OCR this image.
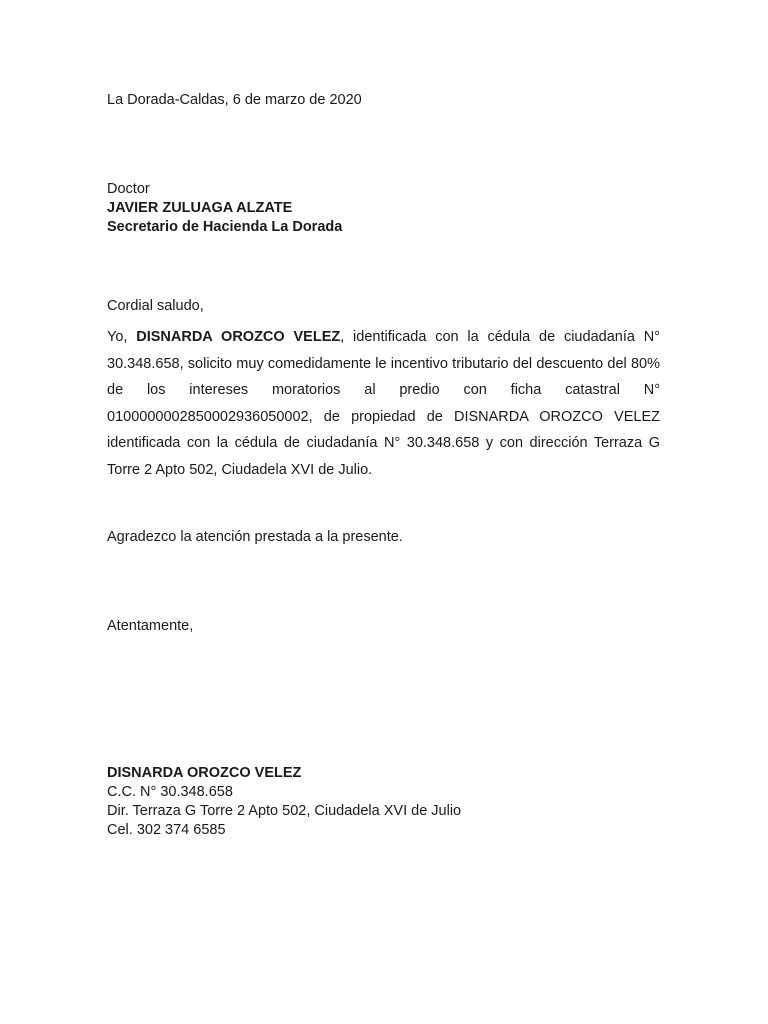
La Dorada-Caldas, 6 de marzo de 2020
Doctor
JAVIER ZULUAGA ALZATE
Secretario de Hacienda La Dorada
Cordial saludo,
Yo, DISNARDA OROZCO VELEZ, identificada con la cédula de ciudadanía N° 30.348.658, solicito muy comedidamente le incentivo tributario del descuento del 80% de los intereses moratorios al predio con ficha catastral N° 0100000002850002936050002, de propiedad de DISNARDA OROZCO VELEZ identificada con la cédula de ciudadanía N° 30.348.658 y con dirección Terraza G Torre 2 Apto 502, Ciudadela XVI de Julio.
Agradezco la atención prestada a la presente.
Atentamente,
DISNARDA OROZCO VELEZ
C.C. N° 30.348.658
Dir. Terraza G Torre 2 Apto 502, Ciudadela XVI de Julio
Cel. 302 374 6585
